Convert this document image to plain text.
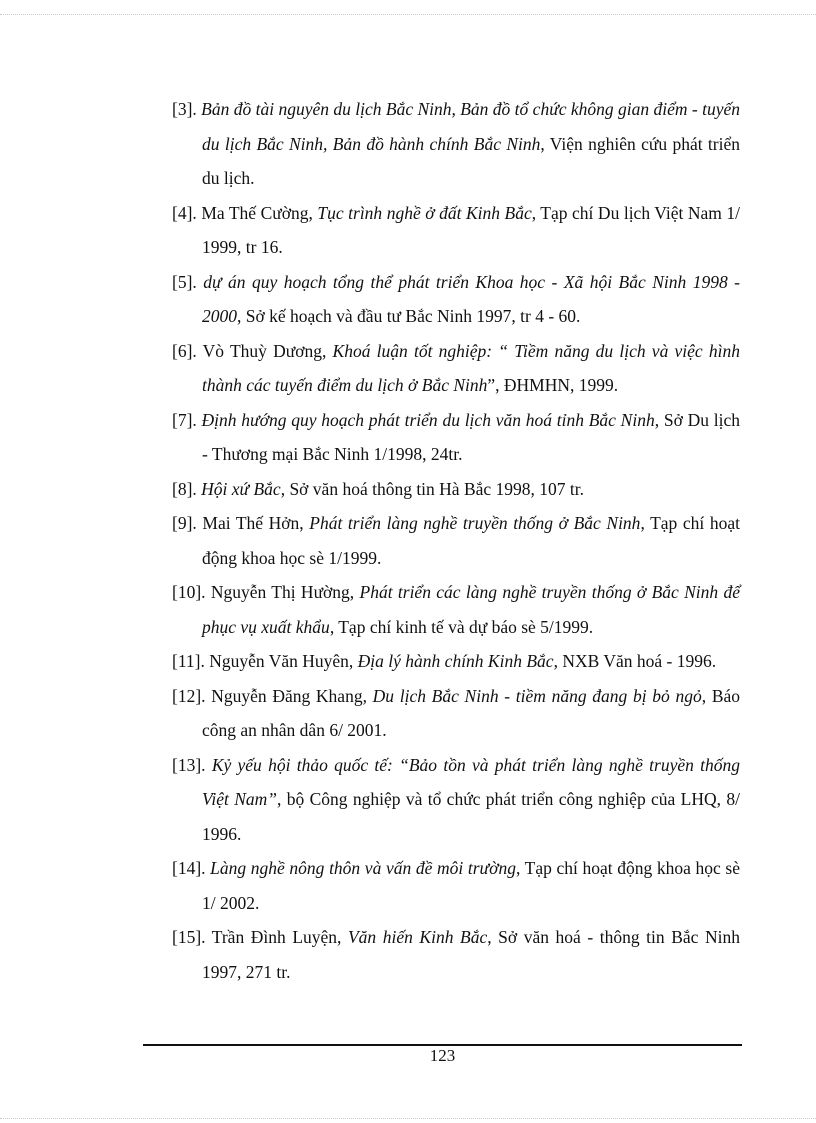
[3]. Bản đồ tài nguyên du lịch Bắc Ninh, Bản đồ tổ chức không gian điểm - tuyến du lịch Bắc Ninh, Bản đồ hành chính Bắc Ninh, Viện nghiên cứu phát triển du lịch.
[4]. Ma Thế Cường, Tục trình nghề ở đất Kinh Bắc, Tạp chí Du lịch Việt Nam 1/ 1999, tr 16.
[5]. dự án quy hoạch tổng thể phát triển Khoa học - Xã hội Bắc Ninh 1998 - 2000, Sở kế hoạch và đầu tư Bắc Ninh 1997, tr 4 - 60.
[6]. Vò Thuỳ Dương, Khoá luận tốt nghiệp: “ Tiềm năng du lịch và việc hình thành các tuyến điểm du lịch ở Bắc Ninh”, ĐHMHN, 1999.
[7]. Định hướng quy hoạch phát triển du lịch văn hoá tỉnh Bắc Ninh, Sở Du lịch - Thương mại Bắc Ninh 1/1998, 24tr.
[8]. Hội xứ Bắc, Sở văn hoá thông tin Hà Bắc 1998, 107 tr.
[9]. Mai Thế Hởn, Phát triển làng nghề truyền thống ở Bắc Ninh, Tạp chí hoạt động khoa học sè 1/1999.
[10]. Nguyễn Thị Hường, Phát triển các làng nghề truyền thống ở Bắc Ninh để phục vụ xuất khẩu, Tạp chí kinh tế và dự báo sè 5/1999.
[11]. Nguyễn Văn Huyên, Địa lý hành chính Kinh Bắc, NXB Văn hoá - 1996.
[12]. Nguyễn Đăng Khang, Du lịch Bắc Ninh - tiềm năng đang bị bỏ ngỏ, Báo công an nhân dân 6/ 2001.
[13]. Kỷ yếu hội thảo quốc tế: “Bảo tồn và phát triển làng nghề truyền thống Việt Nam”, bộ Công nghiệp và tổ chức phát triển công nghiệp của LHQ, 8/ 1996.
[14]. Làng nghề nông thôn và vấn đề môi trường, Tạp chí hoạt động khoa học sè 1/ 2002.
[15]. Trần Đình Luyện, Văn hiến Kinh Bắc, Sở văn hoá - thông tin Bắc Ninh 1997, 271 tr.
123
